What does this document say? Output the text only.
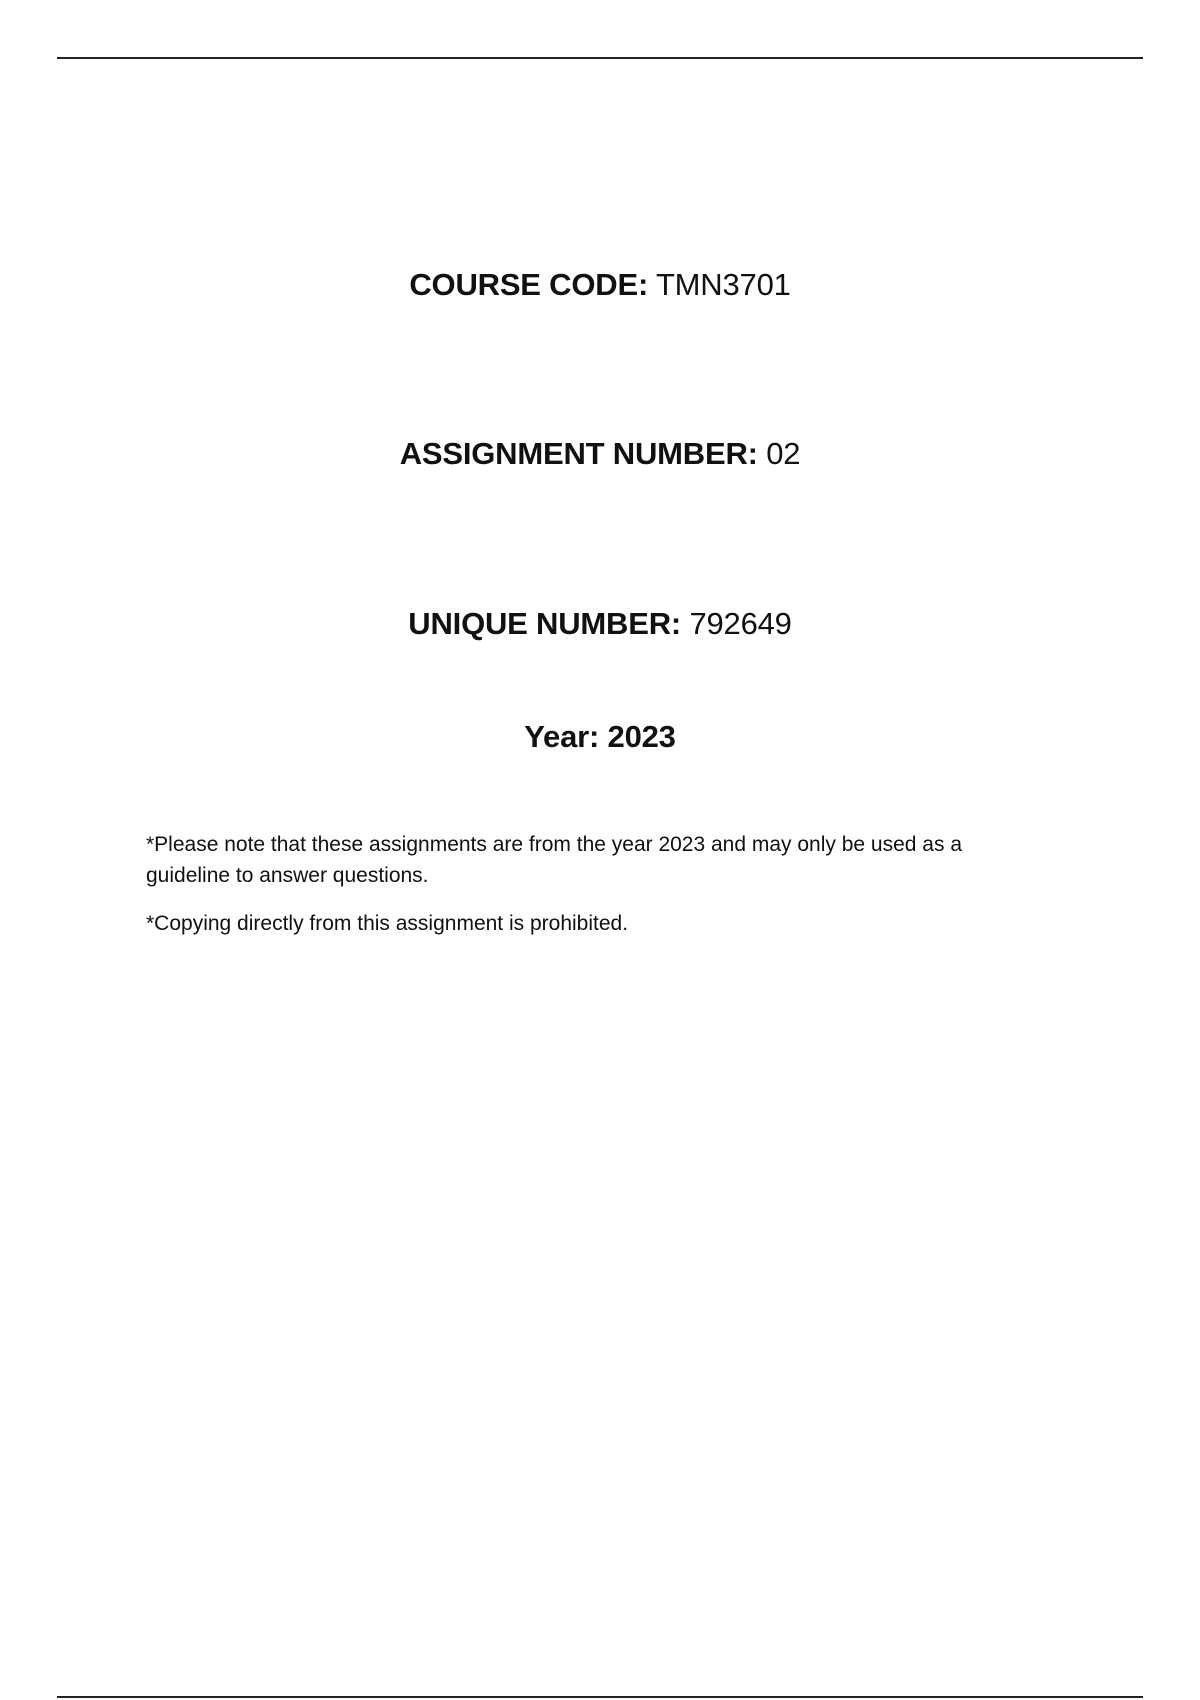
COURSE CODE: TMN3701
ASSIGNMENT NUMBER: 02
UNIQUE NUMBER: 792649
Year: 2023
*Please note that these assignments are from the year 2023 and may only be used as a guideline to answer questions.
*Copying directly from this assignment is prohibited.
